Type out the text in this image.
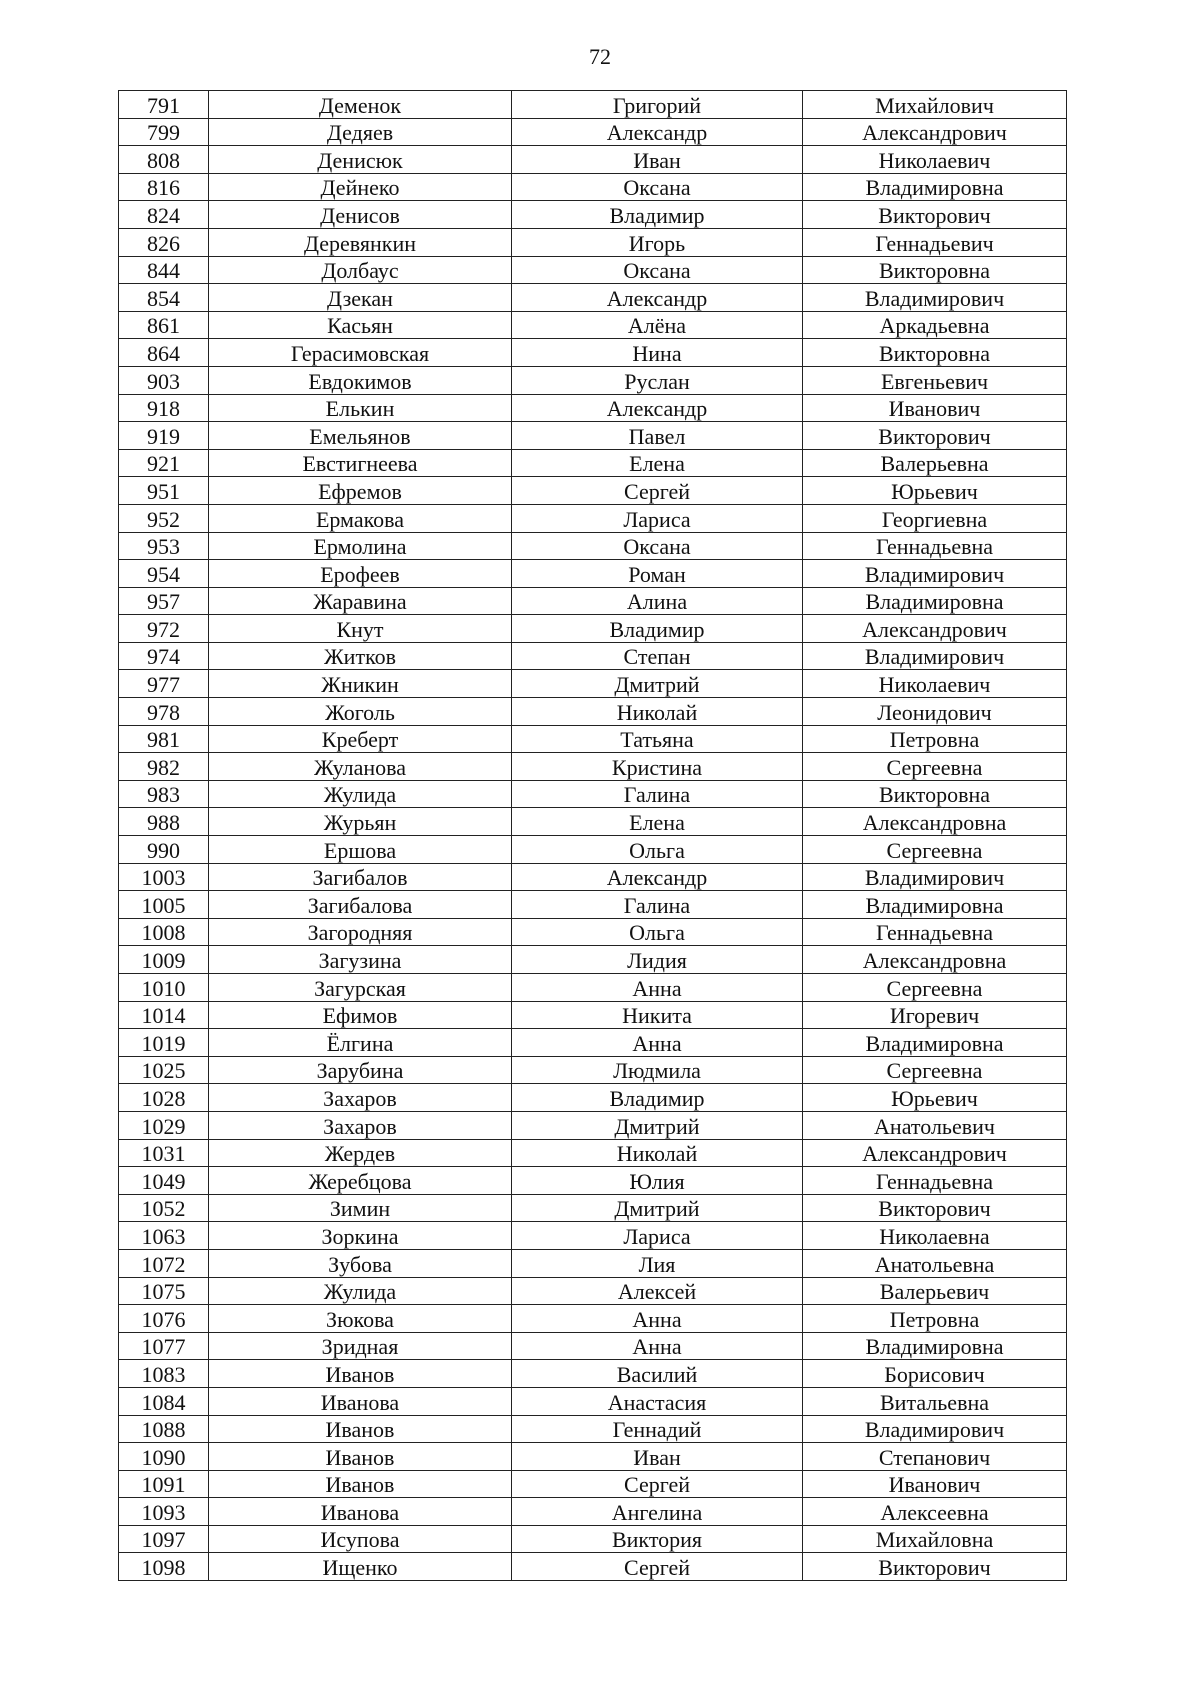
72
791	Деменок	Григорий	Михайлович
799	Дедяев	Александр	Александрович
808	Денисюк	Иван	Николаевич
816	Дейнеко	Оксана	Владимировна
824	Денисов	Владимир	Викторович
826	Деревянкин	Игорь	Геннадьевич
844	Долбаус	Оксана	Викторовна
854	Дзекан	Александр	Владимирович
861	Касьян	Алёна	Аркадьевна
864	Герасимовская	Нина	Викторовна
903	Евдокимов	Руслан	Евгеньевич
918	Елькин	Александр	Иванович
919	Емельянов	Павел	Викторович
921	Евстигнеева	Елена	Валерьевна
951	Ефремов	Сергей	Юрьевич
952	Ермакова	Лариса	Георгиевна
953	Ермолина	Оксана	Геннадьевна
954	Ерофеев	Роман	Владимирович
957	Жаравина	Алина	Владимировна
972	Кнут	Владимир	Александрович
974	Житков	Степан	Владимирович
977	Жникин	Дмитрий	Николаевич
978	Жоголь	Николай	Леонидович
981	Креберт	Татьяна	Петровна
982	Жуланова	Кристина	Сергеевна
983	Жулида	Галина	Викторовна
988	Журьян	Елена	Александровна
990	Ершова	Ольга	Сергеевна
1003	Загибалов	Александр	Владимирович
1005	Загибалова	Галина	Владимировна
1008	Загородняя	Ольга	Геннадьевна
1009	Загузина	Лидия	Александровна
1010	Загурская	Анна	Сергеевна
1014	Ефимов	Никита	Игоревич
1019	Ёлгина	Анна	Владимировна
1025	Зарубина	Людмила	Сергеевна
1028	Захаров	Владимир	Юрьевич
1029	Захаров	Дмитрий	Анатольевич
1031	Жердев	Николай	Александрович
1049	Жеребцова	Юлия	Геннадьевна
1052	Зимин	Дмитрий	Викторович
1063	Зоркина	Лариса	Николаевна
1072	Зубова	Лия	Анатольевна
1075	Жулида	Алексей	Валерьевич
1076	Зюкова	Анна	Петровна
1077	Зридная	Анна	Владимировна
1083	Иванов	Василий	Борисович
1084	Иванова	Анастасия	Витальевна
1088	Иванов	Геннадий	Владимирович
1090	Иванов	Иван	Степанович
1091	Иванов	Сергей	Иванович
1093	Иванова	Ангелина	Алексеевна
1097	Исупова	Виктория	Михайловна
1098	Ищенко	Сергей	Викторович
